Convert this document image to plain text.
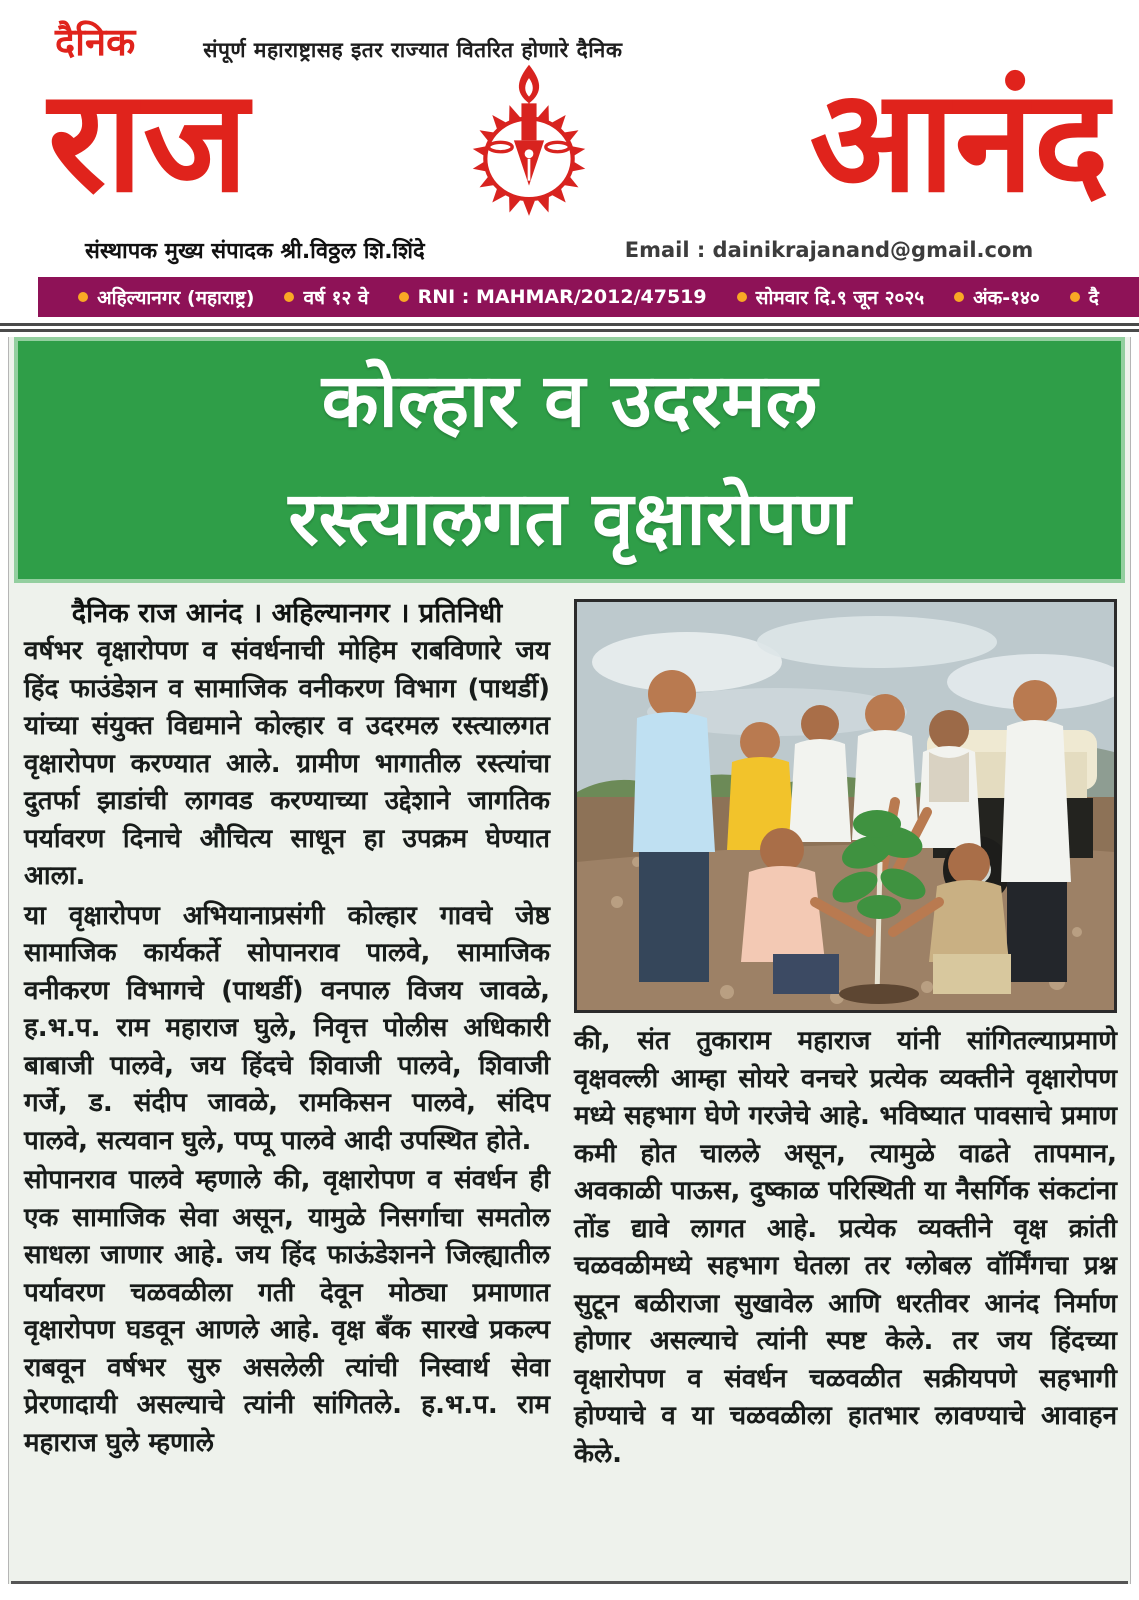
दैनिक	संपूर्ण महाराष्ट्रासह इतर राज्यात वितरित होणारे दैनिक
राज	आनंद
संस्थापक मुख्य संपादक श्री.विठ्ठल शि.शिंदे	Email : dainikrajanand@gmail.com
अहिल्यानगर (महाराष्ट्र)	वर्ष १२ वे	RNI : MAHMAR/2012/47519	सोमवार दि.९ जून २०२५	अंक-१४०	दै
कोल्हार व उदरमल
रस्त्यालगत वृक्षारोपण

दैनिक राज आनंद । अहिल्यानगर । प्रतिनिधी

वर्षभर वृक्षारोपण व संवर्धनाची मोहिम राबविणारे जय हिंद फाउंडेशन व सामाजिक वनीकरण विभाग (पाथर्डी) यांच्या संयुक्त विद्यमाने कोल्हार व उदरमल रस्त्यालगत वृक्षारोपण करण्यात आले. ग्रामीण भागातील रस्त्यांचा दुतर्फा झाडांची लागवड करण्याच्या उद्देशाने जागतिक पर्यावरण दिनाचे औचित्य साधून हा उपक्रम घेण्यात आला.

या वृक्षारोपण अभियानाप्रसंगी कोल्हार गावचे जेष्ठ सामाजिक कार्यकर्ते सोपानराव पालवे, सामाजिक वनीकरण विभागचे (पाथर्डी) वनपाल विजय जावळे, ह.भ.प. राम महाराज घुले, निवृत्त पोलीस अधिकारी बाबाजी पालवे, जय हिंदचे शिवाजी पालवे, शिवाजी गर्जे, ड. संदीप जावळे, रामकिसन पालवे, संदिप पालवे, सत्यवान घुले, पप्पू पालवे आदी उपस्थित होते.

सोपानराव पालवे म्हणाले की, वृक्षारोपण व संवर्धन ही एक सामाजिक सेवा असून, यामुळे निसर्गाचा समतोल साधला जाणार आहे. जय हिंद फाऊंडेशनने जिल्ह्यातील पर्यावरण चळवळीला गती देवून मोठ्या प्रमाणात वृक्षारोपण घडवून आणले आहे. वृक्ष बँक सारखे प्रकल्प राबवून वर्षभर सुरु असलेली त्यांची निस्वार्थ सेवा प्रेरणादायी असल्याचे त्यांनी सांगितले. ह.भ.प. राम महाराज घुले म्हणाले

की, संत तुकाराम महाराज यांनी सांगितल्याप्रमाणे वृक्षवल्ली आम्हा सोयरे वनचरे प्रत्येक व्यक्तीने वृक्षारोपण मध्ये सहभाग घेणे गरजेचे आहे. भविष्यात पावसाचे प्रमाण कमी होत चालले असून, त्यामुळे वाढते तापमान, अवकाळी पाऊस, दुष्काळ परिस्थिती या नैसर्गिक संकटांना तोंड द्यावे लागत आहे. प्रत्येक व्यक्तीने वृक्ष क्रांती चळवळीमध्ये सहभाग घेतला तर ग्लोबल वॉर्मिंगचा प्रश्न सुटून बळीराजा सुखावेल आणि धरतीवर आनंद निर्माण होणार असल्याचे त्यांनी स्पष्ट केले. तर जय हिंदच्या वृक्षारोपण व संवर्धन चळवळीत सक्रीयपणे सहभागी होण्याचे व या चळवळीला हातभार लावण्याचे आवाहन केले.
